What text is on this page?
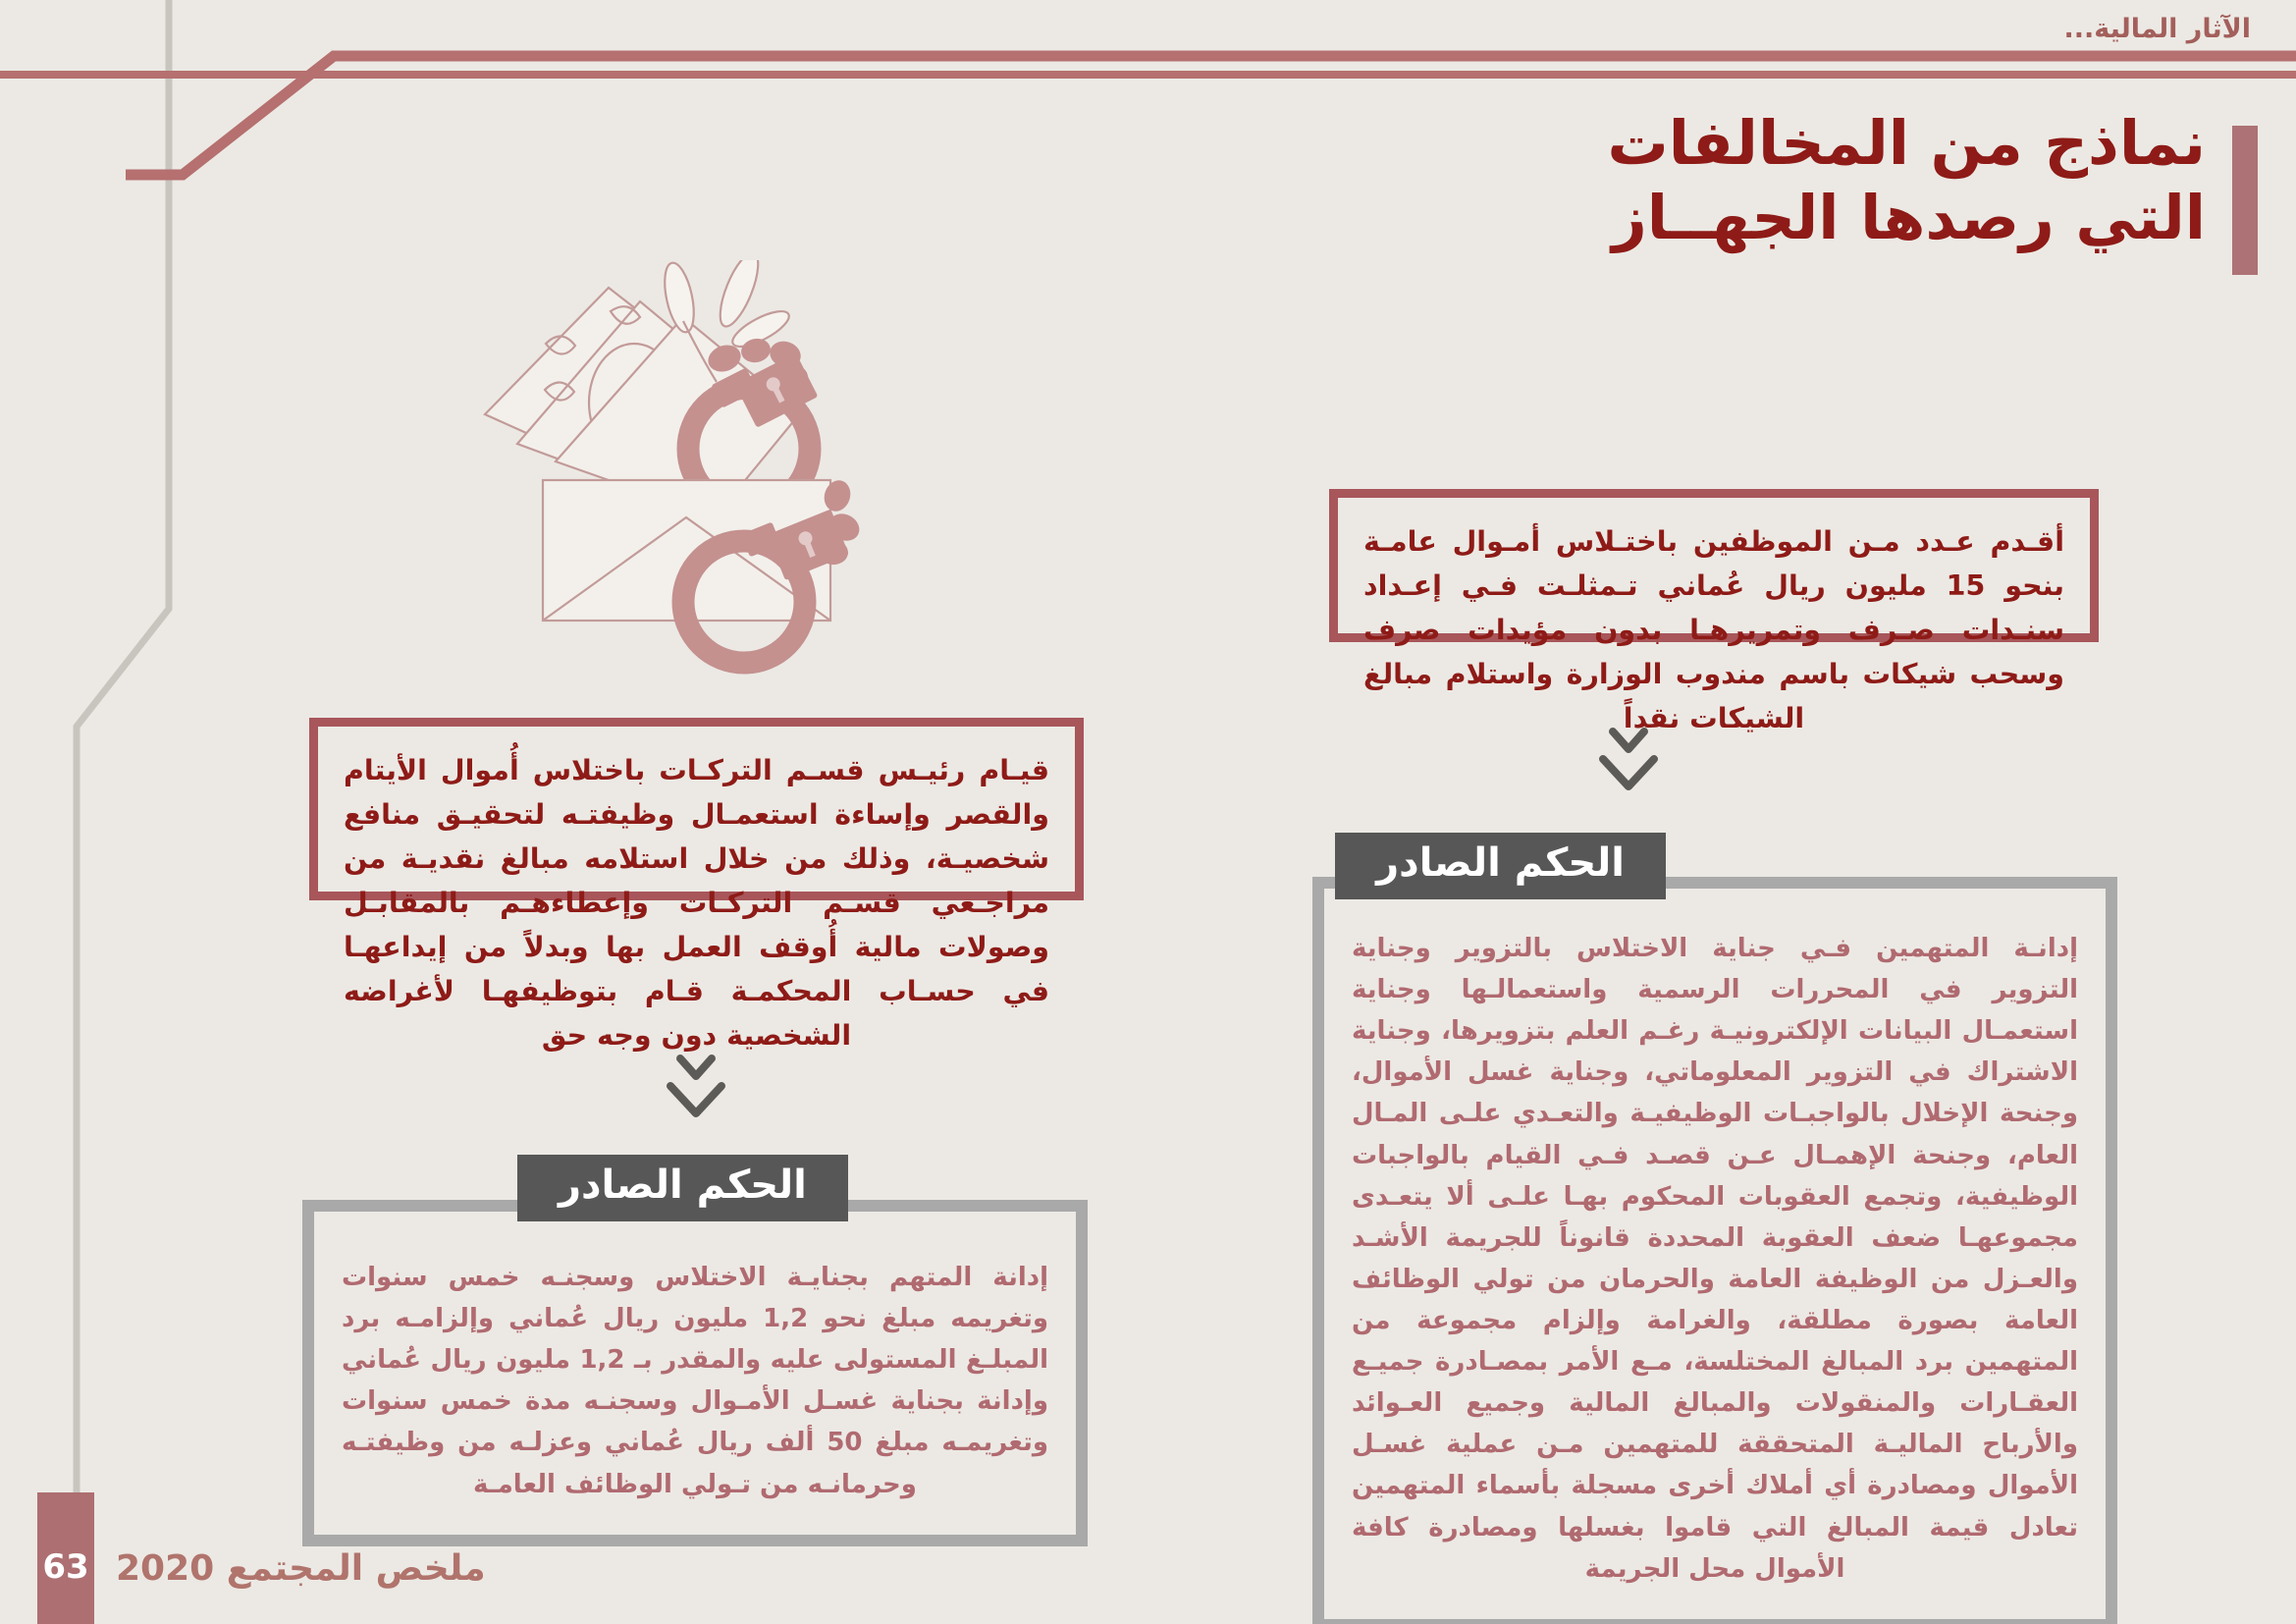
الآثار المالية...
نماذج من المخالفات
التي رصدها الجهــاز
أقـدم عـدد مـن الموظفين باختـلاس أمـوال عامـة بنحو 15 مليون ريال عُماني تـمثلـت فـي إعـداد سنـدات صـرف وتمريرهـا بدون مؤيدات صرف وسحب شيكات باسم مندوب الوزارة واستلام مبالغ الشيكات نقداً
الحكم الصادر
إدانـة المتهمين فـي جناية الاختلاس بالتزوير وجناية التزوير في المحررات الرسمية واستعمالـها وجناية استعمـال البيانات الإلكترونيـة رغـم العلم بتزويرها، وجناية الاشتراك في التزوير المعلوماتي، وجناية غسل الأموال، وجنحة الإخلال بالواجبـات الوظيفيـة والتعـدي علـى المـال العام، وجنحة الإهمـال عـن قصـد فـي القيام بالواجبات الوظيفية، وتجمع العقوبات المحكوم بهـا علـى ألا يتعـدى مجموعهـا ضعف العقوبة المحددة قانوناً للجريمة الأشـد والعـزل من الوظيفة العامة والحرمان من تولي الوظائف العامة بصورة مطلقة، والغرامة وإلزام مجموعة من المتهمين برد المبالغ المختلسة، مـع الأمر بمصـادرة جميـع العقـارات والمنقولات والمبالغ المالية وجميع العـوائد والأرباح الماليـة المتحققة للمتهمين مـن عملية غسـل الأموال ومصادرة أي أملاك أخرى مسجلة بأسماء المتهمين تعادل قيمة المبالغ التي قاموا بغسلها ومصادرة كافة الأموال محل الجريمة
قيـام رئيـس قسـم التركـات باختلاس أُموال الأيتام والقصر وإساءة استعمـال وظيفتـه لتحقيـق منافع شخصيـة، وذلك من خلال استلامه مبالغ نقديـة من مراجـعي قسـم التركـات وإعطاءهـم بالمقابـل وصولات مالية أُوقف العمل بها وبدلاً من إيداعهـا في حسـاب المحكمـة قـام بتوظيفهـا لأغراضه الشخصية دون وجه حق
الحكم الصادر
إدانة المتهم بجنايـة الاختلاس وسجنـه خمس سنوات وتغريمه مبلغ نحو 1,2 مليون ريال عُماني وإلزامـه برد المبلـغ المستولى عليه والمقدر بـ 1,2 مليون ريال عُماني وإدانة بجناية غسـل الأمـوال وسجنـه مدة خمس سنوات وتغريمـه مبلغ 50 ألف ريال عُماني وعزلـه من وظيفتـه وحرمانـه من تـولي الوظائف العامـة
63 ملخص المجتمع 2020
